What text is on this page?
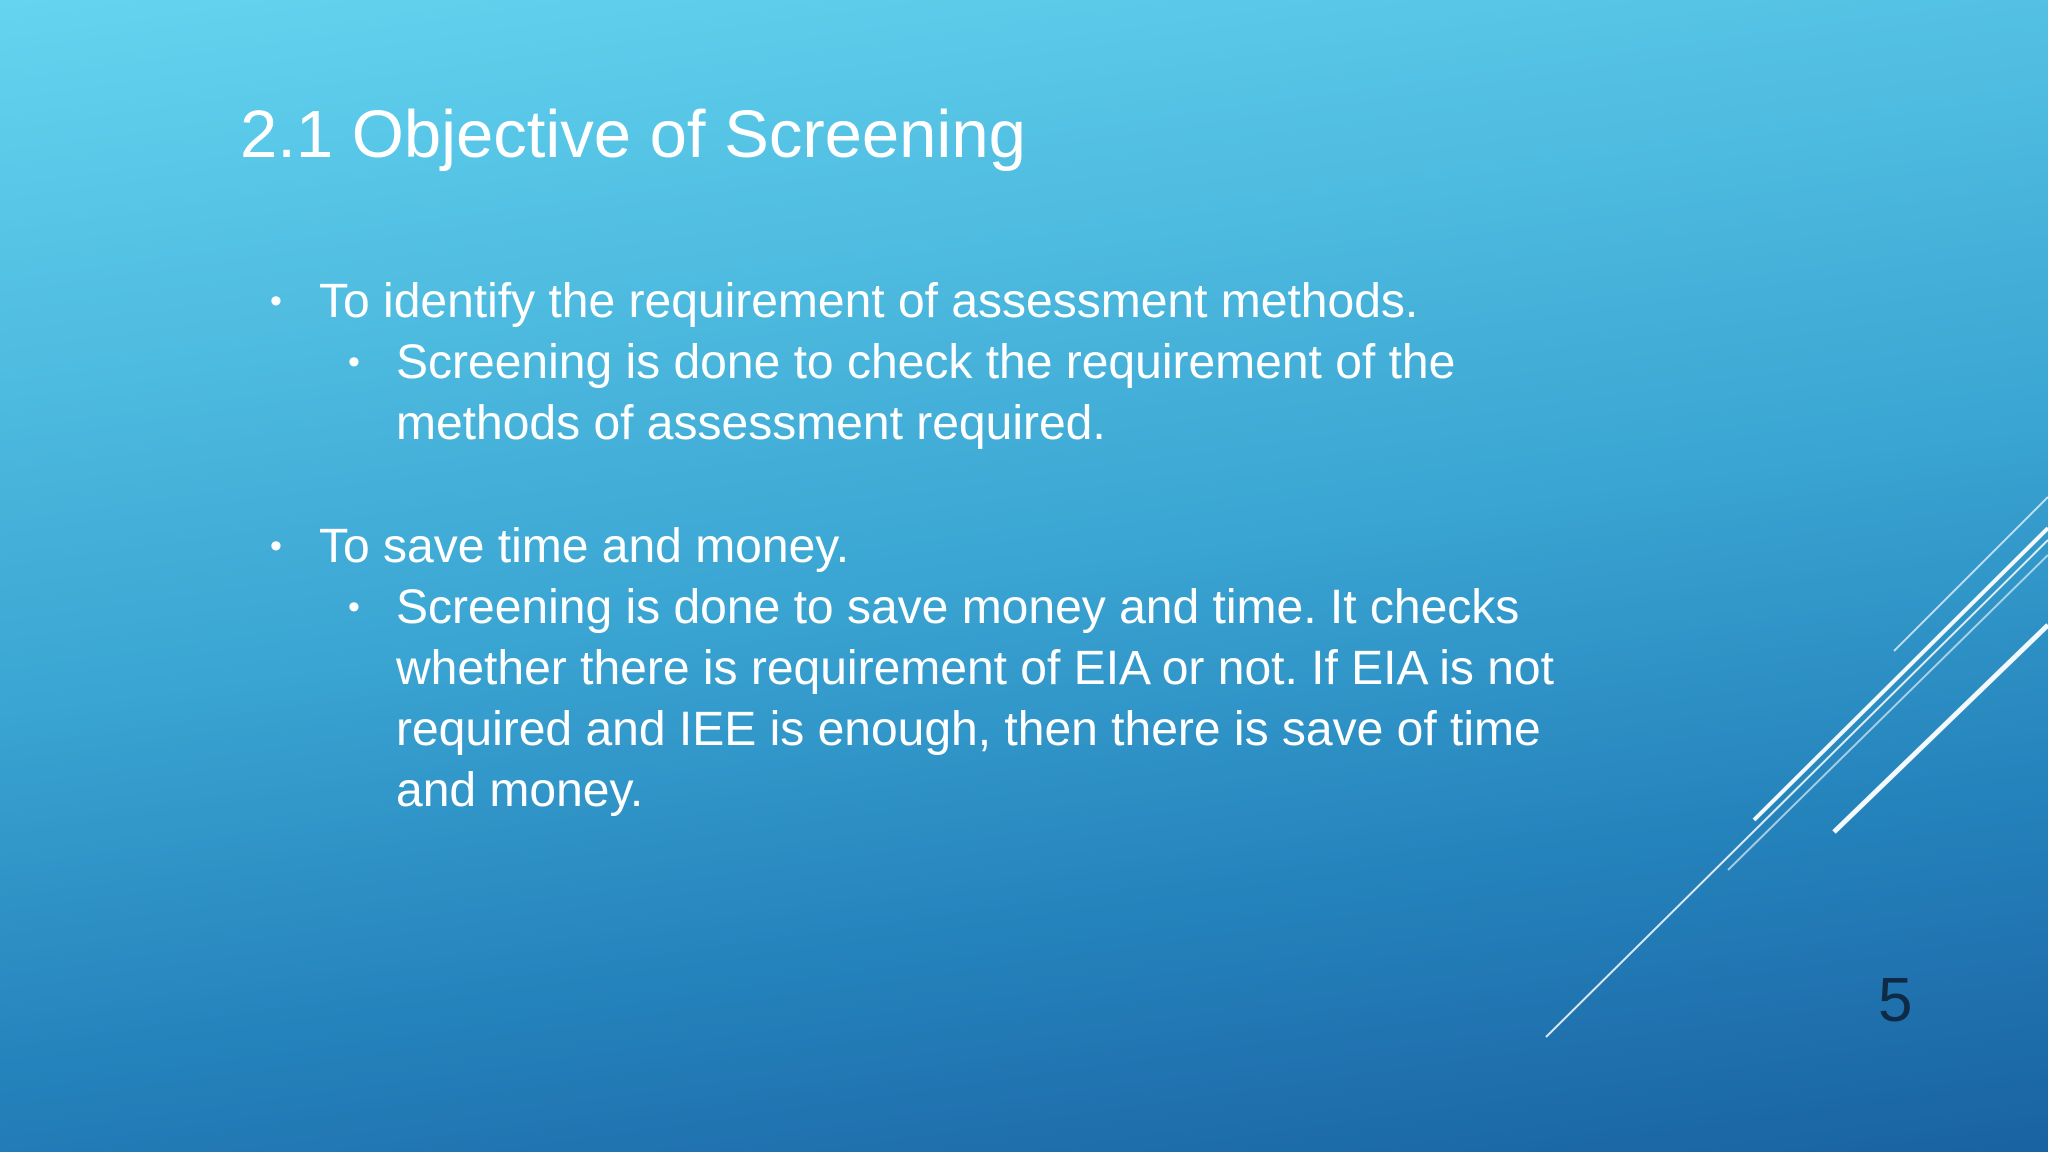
2.1 Objective of Screening
• To identify the requirement of assessment methods.
• Screening is done to check the requirement of the
methods of assessment required.
• To save time and money.
• Screening is done to save money and time. It checks
whether there is requirement of EIA or not. If EIA is not
required and IEE is enough, then there is save of time
and money.
5
